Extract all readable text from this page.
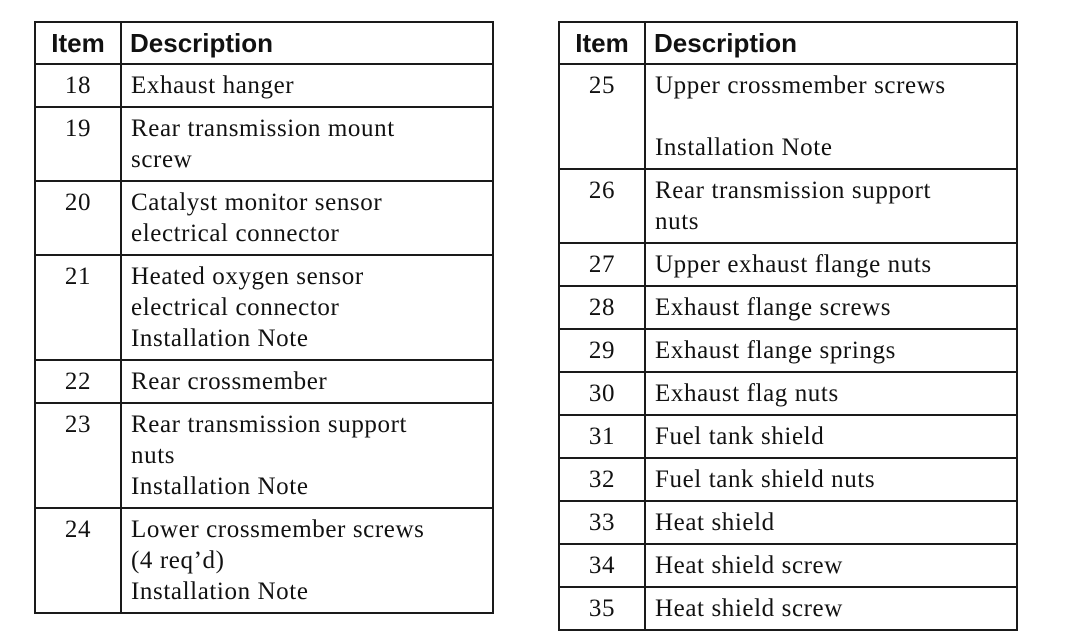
Item	Description
18	Exhaust hanger
19	Rear transmission mount
screw
20	Catalyst monitor sensor
electrical connector
21	Heated oxygen sensor
electrical connector
Installation Note
22	Rear crossmember
23	Rear transmission support
nuts
Installation Note
24	Lower crossmember screws
(4 req’d)
Installation Note
Item	Description
25	Upper crossmember screws

Installation Note
26	Rear transmission support
nuts
27	Upper exhaust flange nuts
28	Exhaust flange screws
29	Exhaust flange springs
30	Exhaust flag nuts
31	Fuel tank shield
32	Fuel tank shield nuts
33	Heat shield
34	Heat shield screw
35	Heat shield screw
